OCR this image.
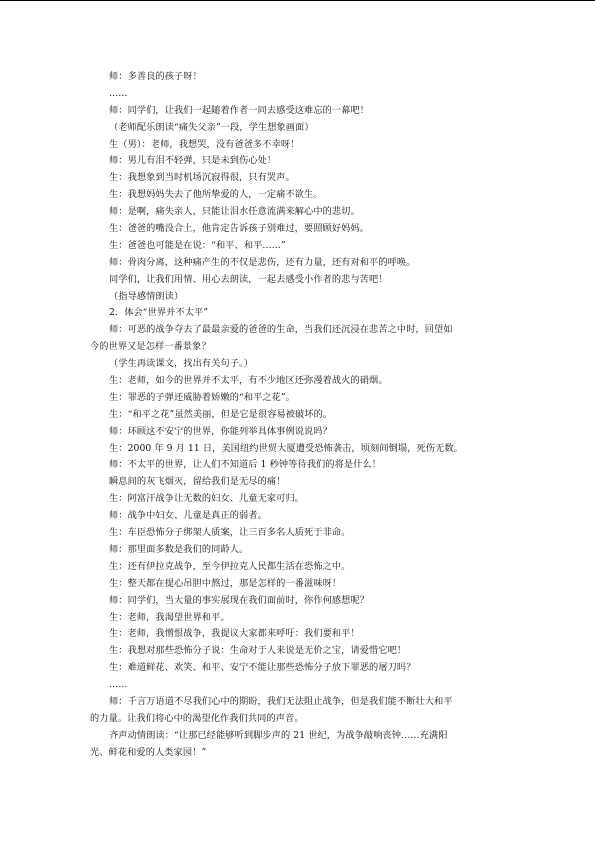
师：多善良的孩子呀！
……
师：同学们，让我们一起随着作者一同去感受这难忘的一幕吧！
（老师配乐朗读“痛失父亲”一段，学生想象画面）
生（男）：老师，我想哭，没有爸爸多不幸呀！
师：男儿有泪不轻弹，只是未到伤心处！
生：我想象到当时机场沉寂得很，只有哭声。
生：我想妈妈失去了他所挚爱的人，一定痛不欲生。
师：是啊，痛失亲人，只能让泪水任意流满来解心中的悲切。
生：爸爸的嘴没合上，他肯定告诉孩子别难过，要照顾好妈妈。
生：爸爸也可能是在说：“和平、和平……”
师：骨肉分离，这种痛产生的不仅是悲伤，还有力量，还有对和平的呼唤。
同学们，让我们用情、用心去朗读，一起去感受小作者的悲与苦吧！
（指导感情朗读）
2．体会“世界并不太平”
师：可恶的战争夺去了最最亲爱的爸爸的生命，当我们还沉浸在悲苦之中时，回望如
今的世界又是怎样一番景象？
（学生再读课文，找出有关句子。）
生：老师，如今的世界并不太平，有不少地区还弥漫着战火的硝烟。
生：罪恶的子弹还威胁着娇嫩的“和平之花”。
生：“和平之花”虽然美丽，但是它是很容易被破坏的。
师：环顾这不安宁的世界，你能列举具体事例说说吗？
生：2000 年 9 月 11 日，美国纽约世贸大厦遭受恐怖袭击，顷刻间倒塌，死伤无数。
师：不太平的世界，让人们不知道后 1 秒钟等待我们的将是什么！
瞬息间的灰飞烟灭，留给我们是无尽的痛！
生：阿富汗战争让无数的妇女、儿童无家可归。
师：战争中妇女、儿童是真正的弱者。
生：车臣恐怖分子绑架人质案，让三百多名人质死于非命。
师：那里面多数是我们的同龄人。
生：还有伊拉克战争，至今伊拉克人民都生活在恐怖之中。
生：整天都在提心吊胆中熬过，那是怎样的一番滋味呀！
师：同学们，当大量的事实展现在我们面前时，你作何感想呢？
生：老师，我渴望世界和平。
生：老师，我憎恨战争，我提议大家都来呼吁：我们要和平！
生：我想对那些恐怖分子说：生命对于人来说是无价之宝，请爱惜它吧！
生：难道鲜花、欢笑、和平、安宁不能让那些恐怖分子放下罪恶的屠刀吗？
……
师：千言万语道不尽我们心中的期盼，我们无法阻止战争，但是我们能不断壮大和平
的力量。让我们将心中的渴望化作我们共同的声音。
齐声动情朗读：“让那已经能够听到脚步声的 21 世纪，为战争敲响丧钟……充满阳
光、鲜花和爱的人类家园！”
